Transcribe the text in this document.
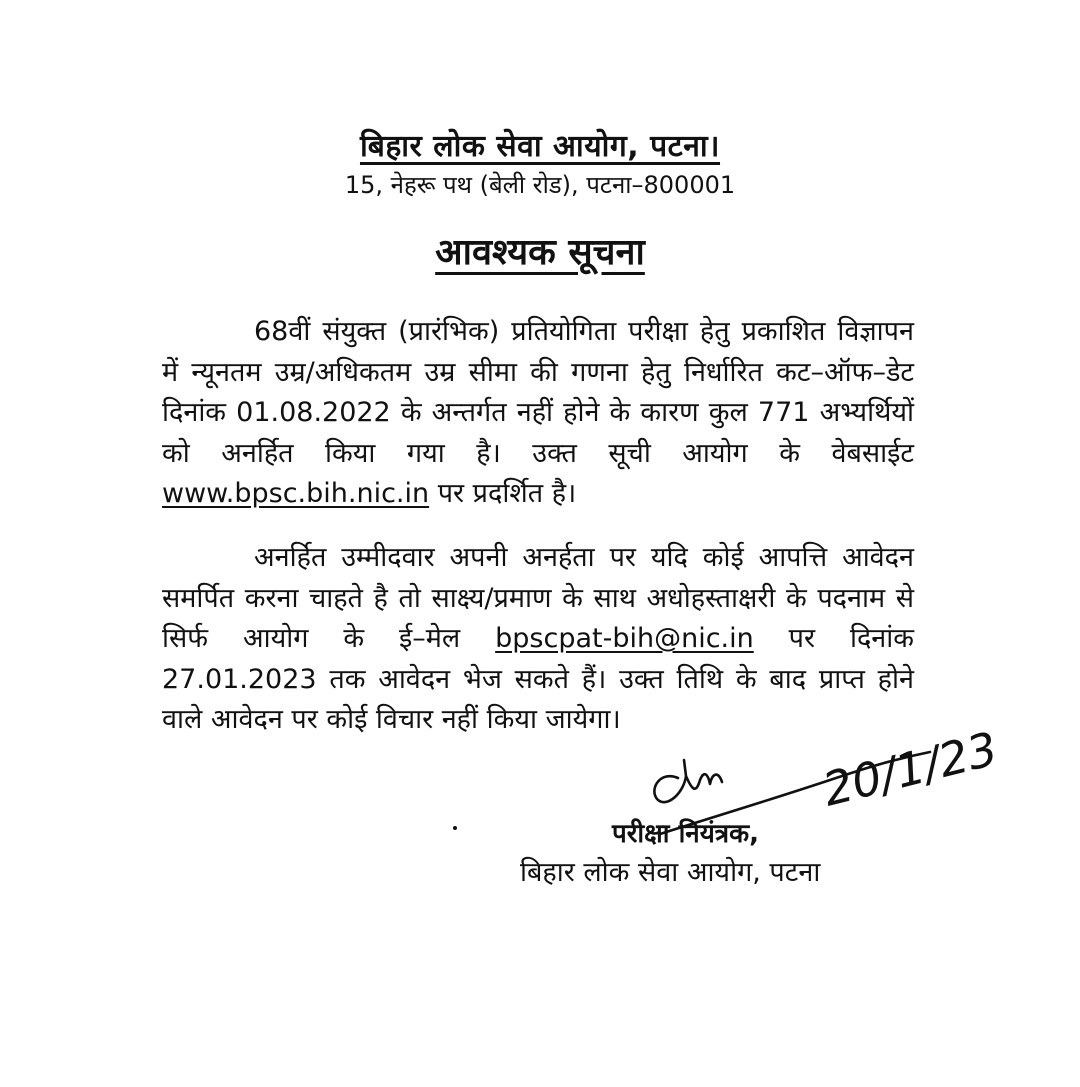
बिहार लोक सेवा आयोग, पटना।
15, नेहरू पथ (बेली रोड), पटना–800001
आवश्यक सूचना
68वीं संयुक्त (प्रारंभिक) प्रतियोगिता परीक्षा हेतु प्रकाशित विज्ञापन में न्यूनतम उम्र/अधिकतम उम्र सीमा की गणना हेतु निर्धारित कट–ऑफ–डेट दिनांक 01.08.2022 के अन्तर्गत नहीं होने के कारण कुल 771 अभ्यर्थियों को अनर्हित किया गया है। उक्त सूची आयोग के वेबसाईट www.bpsc.bih.nic.in पर प्रदर्शित है।
अनर्हित उम्मीदवार अपनी अनर्हता पर यदि कोई आपत्ति आवेदन समर्पित करना चाहते है तो साक्ष्य/प्रमाण के साथ अधोहस्ताक्षरी के पदनाम से सिर्फ आयोग के ई–मेल bpscpat-bih@nic.in पर दिनांक 27.01.2023 तक आवेदन भेज सकते हैं। उक्त तिथि के बाद प्राप्त होने वाले आवेदन पर कोई विचार नहीं किया जायेगा।
20/1/23
परीक्षा नियंत्रक,
बिहार लोक सेवा आयोग, पटना
